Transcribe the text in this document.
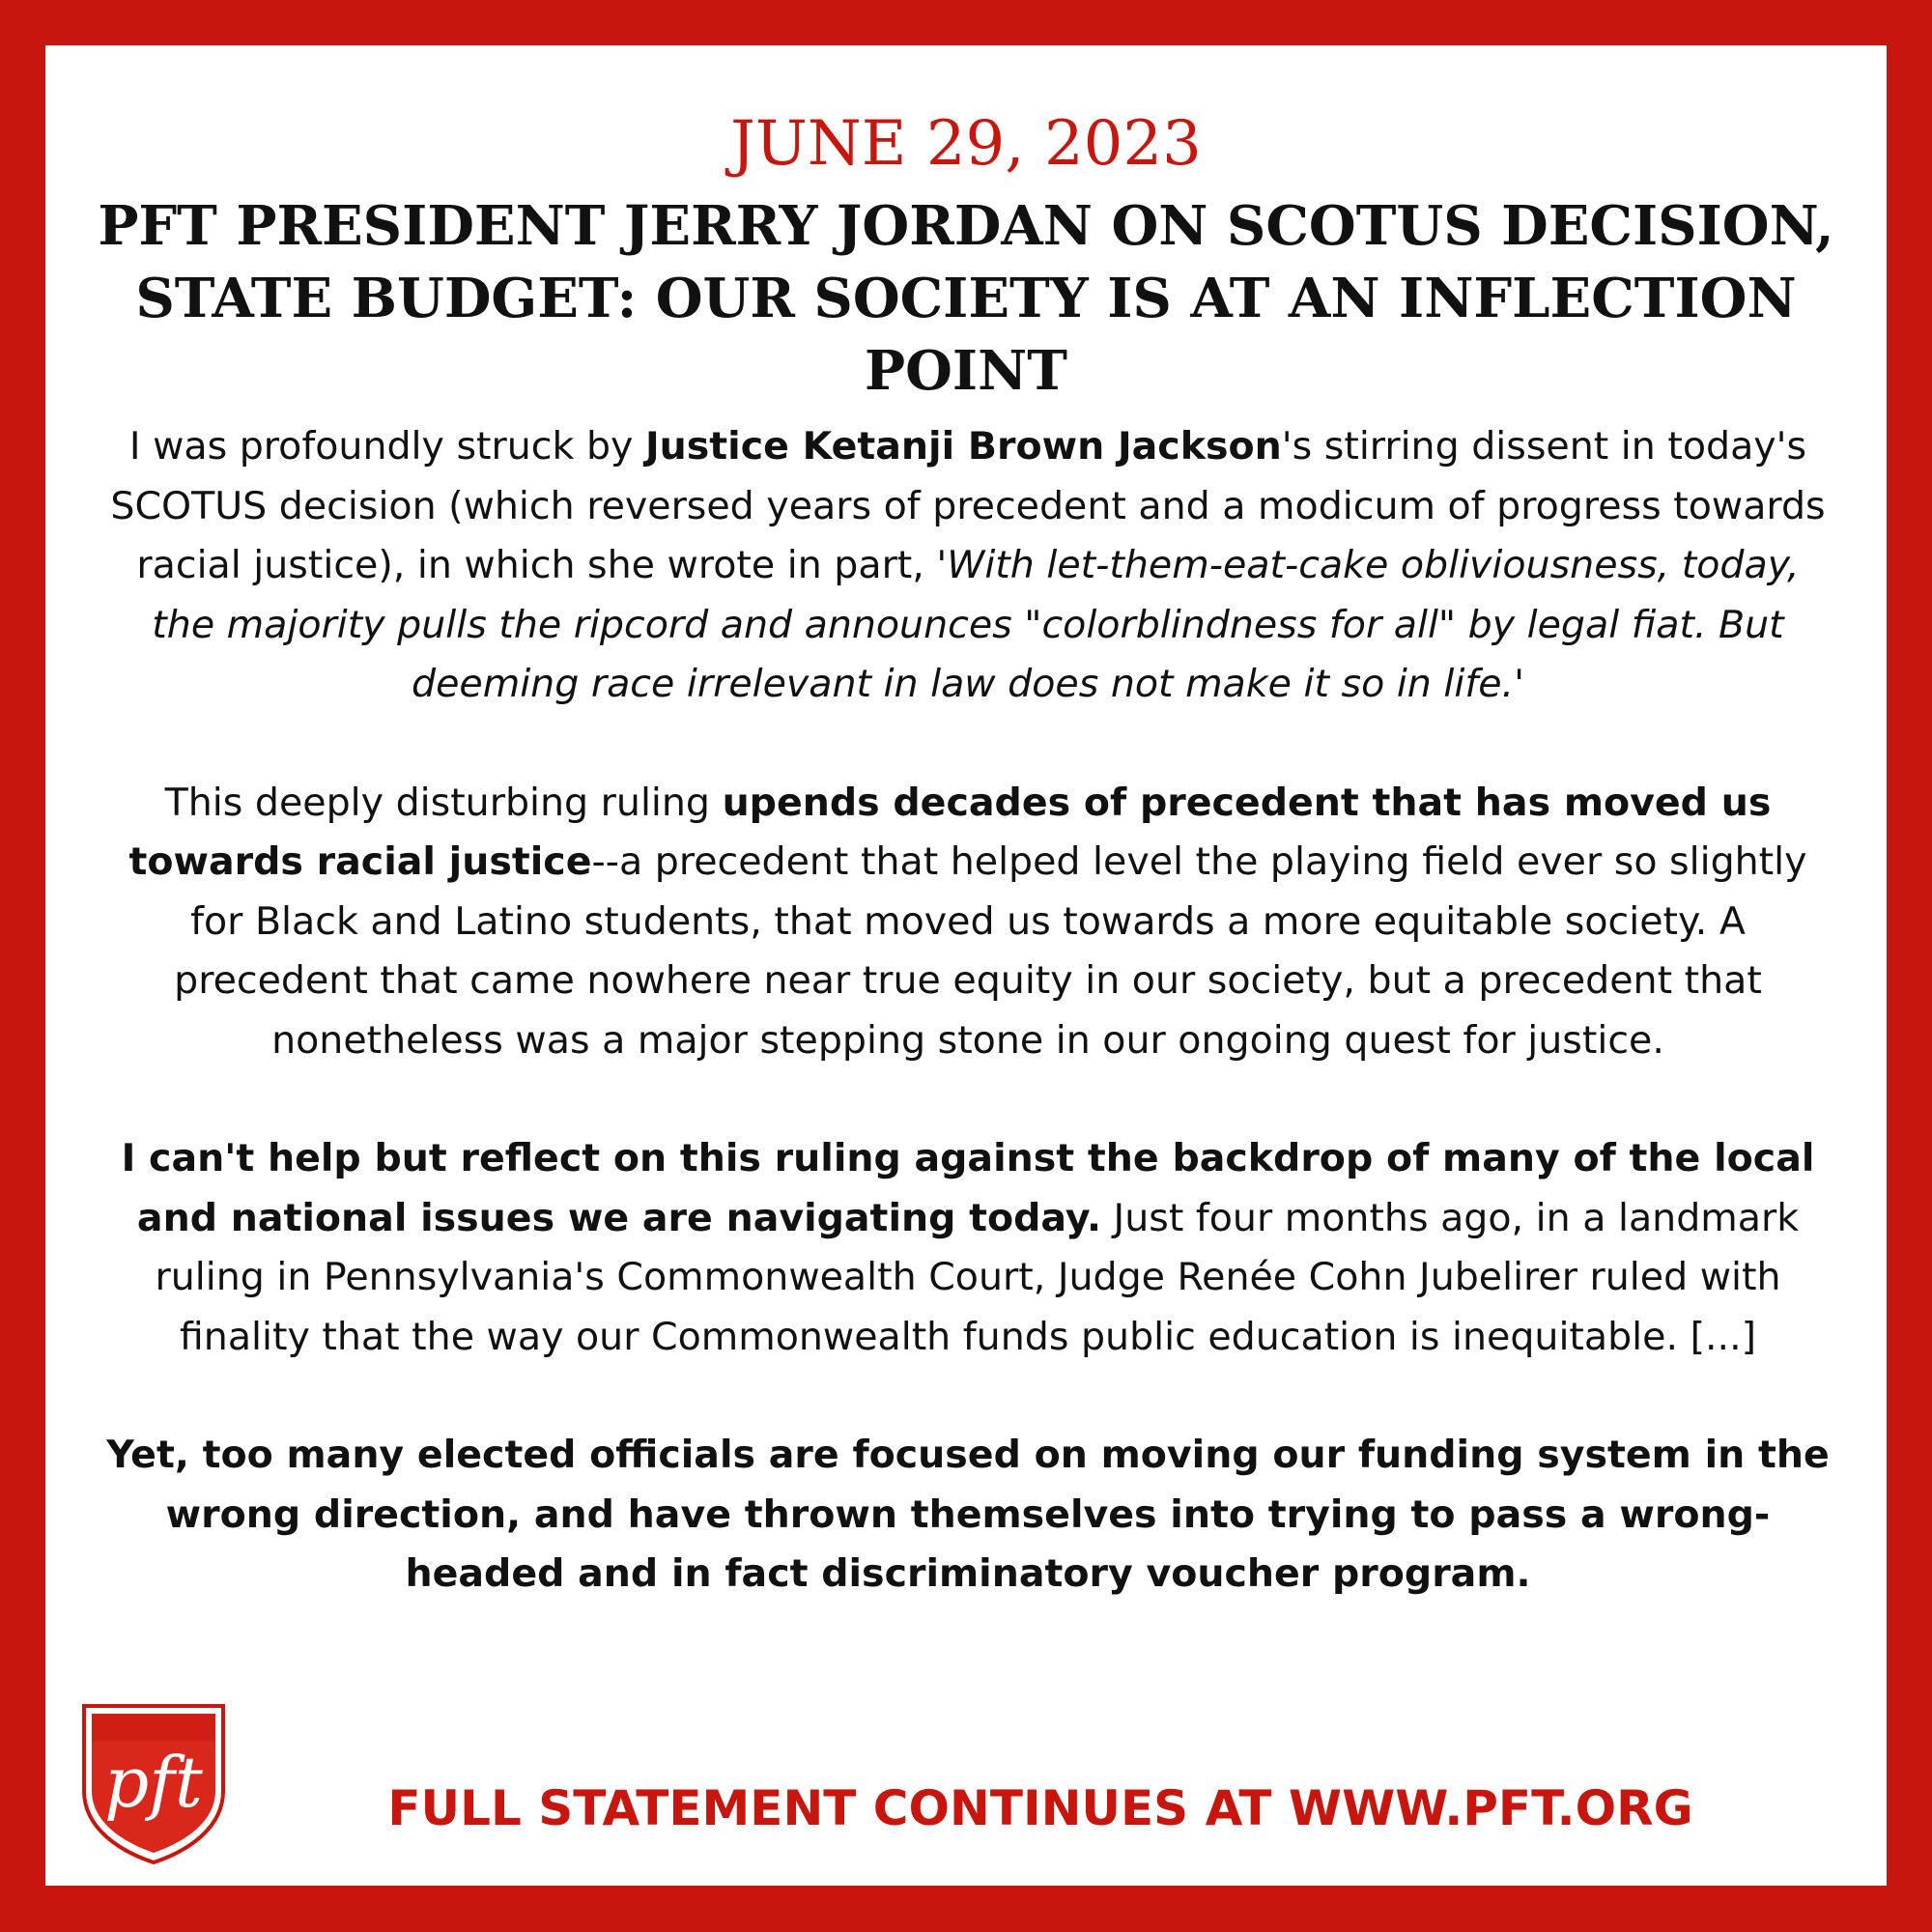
JUNE 29, 2023
PFT PRESIDENT JERRY JORDAN ON SCOTUS DECISION, STATE BUDGET: OUR SOCIETY IS AT AN INFLECTION POINT

I was profoundly struck by Justice Ketanji Brown Jackson's stirring dissent in today's SCOTUS decision (which reversed years of precedent and a modicum of progress towards racial justice), in which she wrote in part, 'With let-them-eat-cake obliviousness, today, the majority pulls the ripcord and announces "colorblindness for all" by legal fiat. But deeming race irrelevant in law does not make it so in life.'

This deeply disturbing ruling upends decades of precedent that has moved us towards racial justice--a precedent that helped level the playing field ever so slightly for Black and Latino students, that moved us towards a more equitable society. A precedent that came nowhere near true equity in our society, but a precedent that nonetheless was a major stepping stone in our ongoing quest for justice.

I can't help but reflect on this ruling against the backdrop of many of the local and national issues we are navigating today. Just four months ago, in a landmark ruling in Pennsylvania's Commonwealth Court, Judge Renée Cohn Jubelirer ruled with finality that the way our Commonwealth funds public education is inequitable. [...]

Yet, too many elected officials are focused on moving our funding system in the wrong direction, and have thrown themselves into trying to pass a wrong-headed and in fact discriminatory voucher program.

FULL STATEMENT CONTINUES AT WWW.PFT.ORG
pft
